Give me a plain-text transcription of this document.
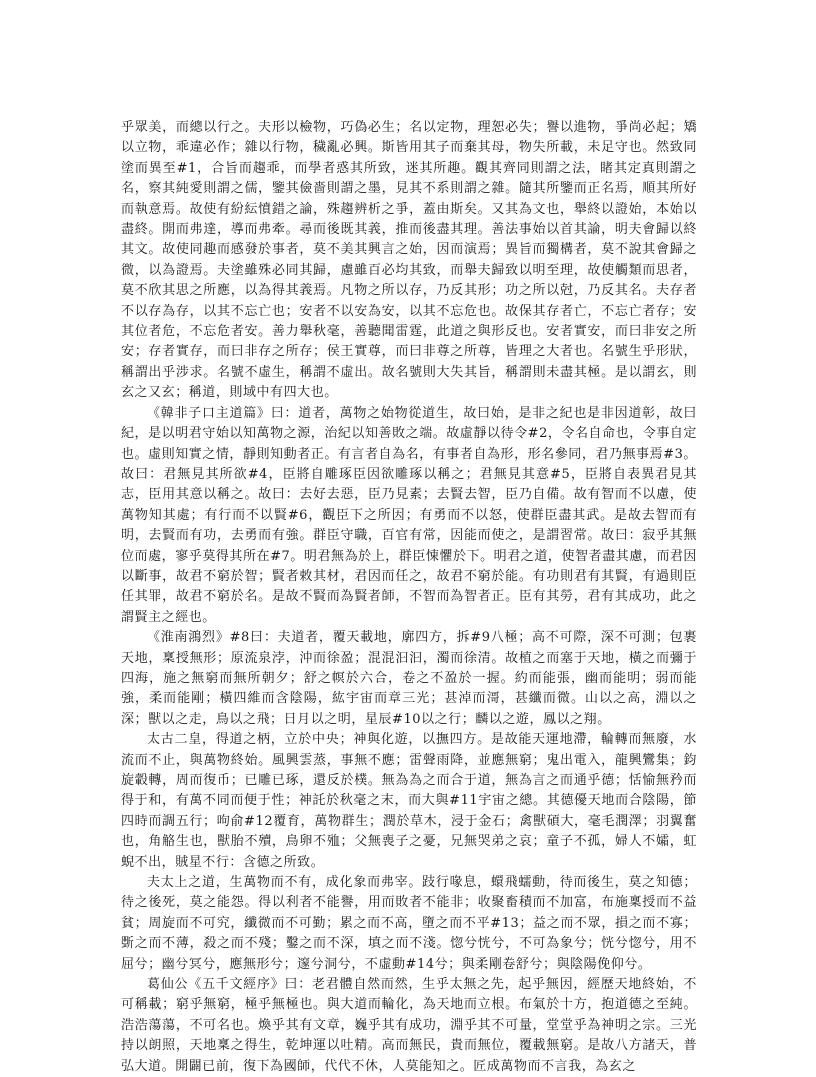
乎眾美，而總以行之。夫形以檢物，巧偽必生；名以定物，理恕必失；譽以進物，爭尚必起；矯以立物，乖違必作；雜以行物，穢亂必興。斯皆用其子而棄其母，物失所載，未足守也。然致同塗而異至#1，合旨而趨乖，而學者惑其所致，迷其所趣。觀其齊同則謂之法，睹其定真則謂之名，察其純愛則謂之儒，鑒其儉嗇則謂之墨，見其不系則謂之雜。隨其所鑒而正名焉，順其所好而執意焉。故使有紛紜憤錯之論，殊趨辨析之爭，蓋由斯矣。又其為文也，舉終以證始，本始以盡終。開而弗達，導而弗牽。尋而後既其義，推而後盡其理。善法事始以首其論，明夫會歸以終其文。故使同趣而感發於事者，莫不美其興言之始，因而演焉；異旨而獨構者，莫不說其會歸之微，以為證焉。夫塗雖殊必同其歸，慮雖百必均其致，而舉夫歸致以明至理，故使觸類而思者，莫不欣其思之所應，以為得其義焉。凡物之所以存，乃反其形；功之所以尅，乃反其名。夫存者不以存為存，以其不忘亡也；安者不以安為安，以其不忘危也。故保其存者亡，不忘亡者存；安其位者危，不忘危者安。善力舉秋毫，善聽聞雷霆，此道之與形反也。安者實安，而曰非安之所安；存者實存，而曰非存之所存；侯王實尊，而曰非尊之所尊，皆理之大者也。名號生乎形狀，稱謂出乎涉求。名號不虛生，稱謂不虛出。故名號則大失其旨，稱謂則未盡其極。是以謂玄，則玄之又玄；稱道，則域中有四大也。

《韓非子口主道篇》曰：道者，萬物之始物從道生，故曰始，是非之紀也是非因道彰，故曰紀，是以明君守始以知萬物之源，治紀以知善敗之端。故虛靜以待令#2，令名自命也，令事自定也。虛則知實之情，靜則知動者正。有言者自為名，有事者自為形，形名參同，君乃無事焉#3。故曰：君無見其所欲#4，臣將自雕琢臣因欲雕琢以稱之；君無見其意#5，臣將自表異君見其志，臣用其意以稱之。故曰：去好去惡，臣乃見素；去賢去智，臣乃自備。故有智而不以慮，使萬物知其處；有行而不以賢#6，觀臣下之所因；有勇而不以怒，使群臣盡其武。是故去智而有明，去賢而有功，去勇而有強。群臣守職，百官有常，因能而使之，是謂習常。故曰：寂乎其無位而處，寥乎莫得其所在#7。明君無為於上，群臣悚懼於下。明君之道，使智者盡其慮，而君因以斷事，故君不窮於智；賢者敕其材，君因而任之，故君不窮於能。有功則君有其賢，有過則臣任其罪，故君不窮於名。是故不賢而為賢者師，不智而為智者正。臣有其勞，君有其成功，此之謂賢主之經也。

《淮南鴻烈》#8曰：夫道者，覆天載地，廓四方，拆#9八極；高不可際，深不可測；包裹天地，稟授無形；原流泉浡，沖而徐盈；混混汩汩，濁而徐清。故植之而塞于天地，橫之而彌于四海，施之無窮而無所朝夕；舒之幎於六合，卷之不盈於一握。約而能張，幽而能明；弱而能強，柔而能剛；橫四維而含陰陽，紘宇宙而章三光；甚淖而滒，甚纖而微。山以之高，淵以之深；獸以之走，鳥以之飛；日月以之明，星辰#10以之行；麟以之遊，鳳以之翔。

太古二皇，得道之柄，立於中央；神與化遊，以撫四方。是故能天運地滯，輪轉而無廢，水流而不止，與萬物終始。風興雲蒸，事無不應；雷聲雨降，並應無窮；鬼出電入，龍興鸞集；鈞旋轂轉，周而復币；已雕已琢，還反於樸。無為為之而合于道，無為言之而通乎德；恬愉無矜而得于和，有萬不同而便于性；神託於秋毫之末，而大與#11宇宙之總。其德優天地而合陰陽，節四時而調五行；呴俞#12覆育，萬物群生；潤於草木，浸于金石；禽獸碩大，毫毛潤澤；羽翼奮也，角觡生也，獸胎不殰，鳥卵不殈；父無喪子之憂，兄無哭弟之哀；童子不孤，婦人不孀，虹蜺不出，賊星不行：含德之所致。

夫太上之道，生萬物而不有，成化象而弗宰。跂行喙息，蠉飛蠕動，待而後生，莫之知德；待之後死，莫之能怨。得以利者不能譽，用而敗者不能非；收聚畜積而不加富，布施稟授而不益貧；周旋而不可究，纖微而不可勤；累之而不高，墮之而不平#13；益之而不眾，損之而不寡；斲之而不薄，殺之而不殘；鑿之而不深，填之而不淺。惚兮恍兮，不可為象兮；恍兮惚兮，用不屈兮；幽兮冥兮，應無形兮；邃兮洞兮，不虛動#14兮；與柔剛卷舒兮；與陰陽俛仰兮。

葛仙公《五千文經序》曰：老君體自然而然，生乎太無之先，起乎無因，經歷天地終始，不可稱載；窮乎無窮，極乎無極也。與大道而輪化，為天地而立根。布氣於十方，抱道德之至純。浩浩蕩蕩，不可名也。煥乎其有文章，巍乎其有成功，淵乎其不可量，堂堂乎為神明之宗。三光持以朗照，天地稟之得生，乾坤運以吐精。高而無民，貴而無位，覆載無窮。是故八方諸天，普弘大道。開闢已前，復下為國師，代代不休，人莫能知之。匠成萬物而不言我，為玄之
